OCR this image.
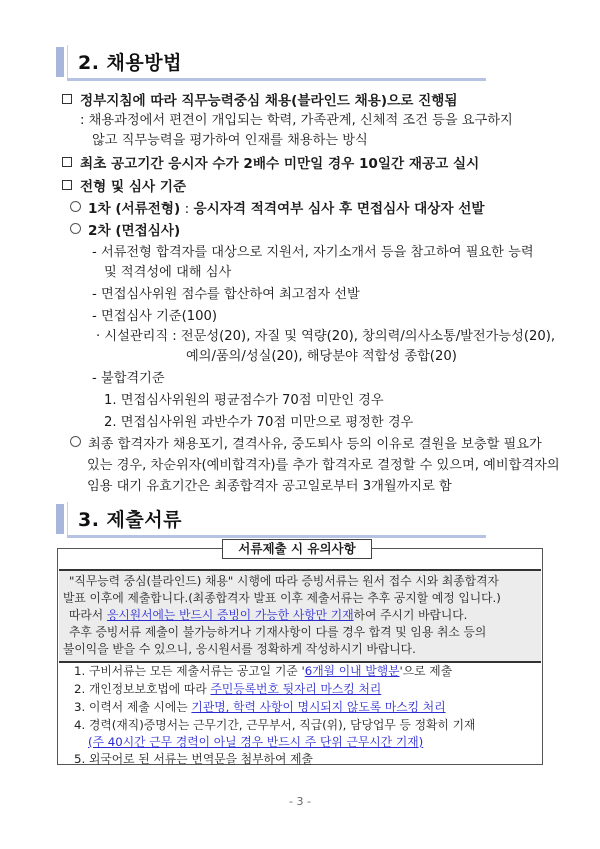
2. 채용방법
정부지침에 따라 직무능력중심 채용(블라인드 채용)으로 진행됨
: 채용과정에서 편견이 개입되는 학력, 가족관계, 신체적 조건 등을 요구하지
않고 직무능력을 평가하여 인재를 채용하는 방식
최초 공고기간 응시자 수가 2배수 미만일 경우 10일간 재공고 실시
전형 및 심사 기준
1차 (서류전형) : 응시자격 적격여부 심사 후 면접심사 대상자 선발
2차 (면접심사)
- 서류전형 합격자를 대상으로 지원서, 자기소개서 등을 참고하여 필요한 능력
및 적격성에 대해 심사
- 면접심사위원 점수를 합산하여 최고점자 선발
- 면접심사 기준(100)
· 시설관리직 : 전문성(20), 자질 및 역량(20), 창의력/의사소통/발전가능성(20),
예의/품의/성실(20), 해당분야 적합성 종합(20)
- 불합격기준
1. 면접심사위원의 평균점수가 70점 미만인 경우
2. 면접심사위원 과반수가 70점 미만으로 평정한 경우
최종 합격자가 채용포기, 결격사유, 중도퇴사 등의 이유로 결원을 보충할 필요가
있는 경우, 차순위자(예비합격자)를 추가 합격자로 결정할 수 있으며, 예비합격자의
임용 대기 유효기간은 최종합격자 공고일로부터 3개월까지로 함
3. 제출서류
서류제출 시 유의사항
"직무능력 중심(블라인드) 채용" 시행에 따라 증빙서류는 원서 접수 시와 최종합격자
발표 이후에 제출합니다.(최종합격자 발표 이후 제출서류는 추후 공지할 예정 입니다.)
따라서 응시원서에는 반드시 증빙이 가능한 사항만 기재하여 주시기 바랍니다.
추후 증빙서류 제출이 불가능하거나 기재사항이 다를 경우 합격 및 임용 취소 등의
불이익을 받을 수 있으니, 응시원서를 정확하게 작성하시기 바랍니다.
1. 구비서류는 모든 제출서류는 공고일 기준 '6개월 이내 발행분'으로 제출
2. 개인정보보호법에 따라 주민등록번호 뒷자리 마스킹 처리
3. 이력서 제출 시에는 기관명, 학력 사항이 명시되지 않도록 마스킹 처리
4. 경력(재직)증명서는 근무기간, 근무부서, 직급(위), 담당업무 등 정확히 기재
(주 40시간 근무 경력이 아닐 경우 반드시 주 단위 근무시간 기재)
5. 외국어로 된 서류는 번역문을 첨부하여 제출
- 3 -
